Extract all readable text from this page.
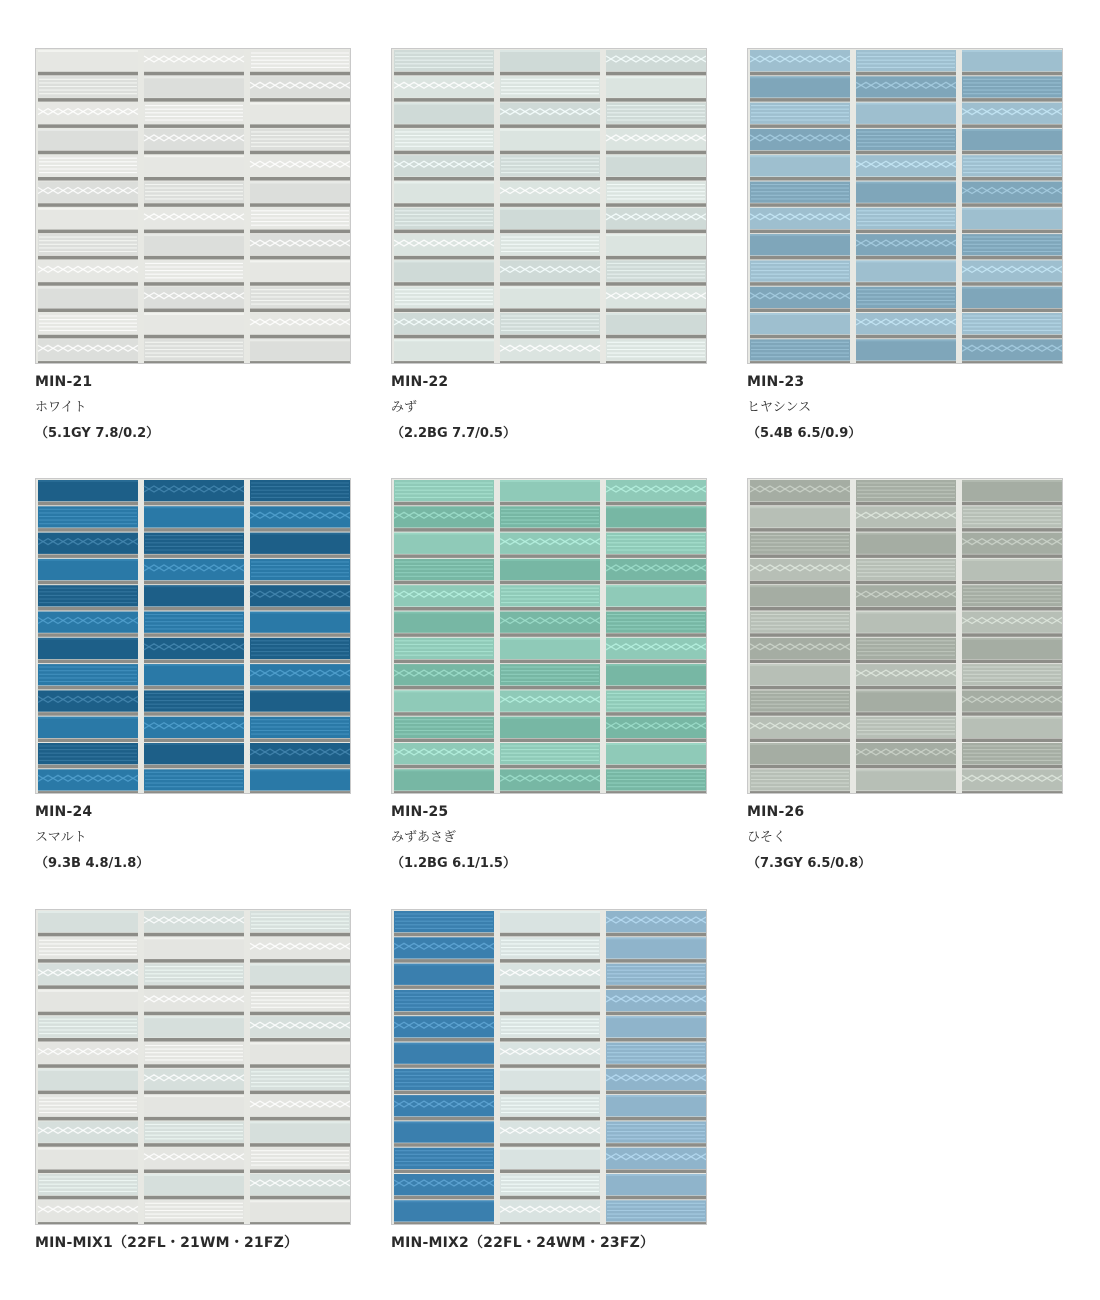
MIN-21
ホワイト
（5.1GY 7.8/0.2）
MIN-22
みず
（2.2BG 7.7/0.5）
MIN-23
ヒヤシンス
（5.4B 6.5/0.9）
MIN-24
スマルト
（9.3B 4.8/1.8）
MIN-25
みずあさぎ
（1.2BG 6.1/1.5）
MIN-26
ひそく
（7.3GY 6.5/0.8）
MIN-MIX1（22FL・21WM・21FZ）	MIN-MIX2（22FL・24WM・23FZ）
